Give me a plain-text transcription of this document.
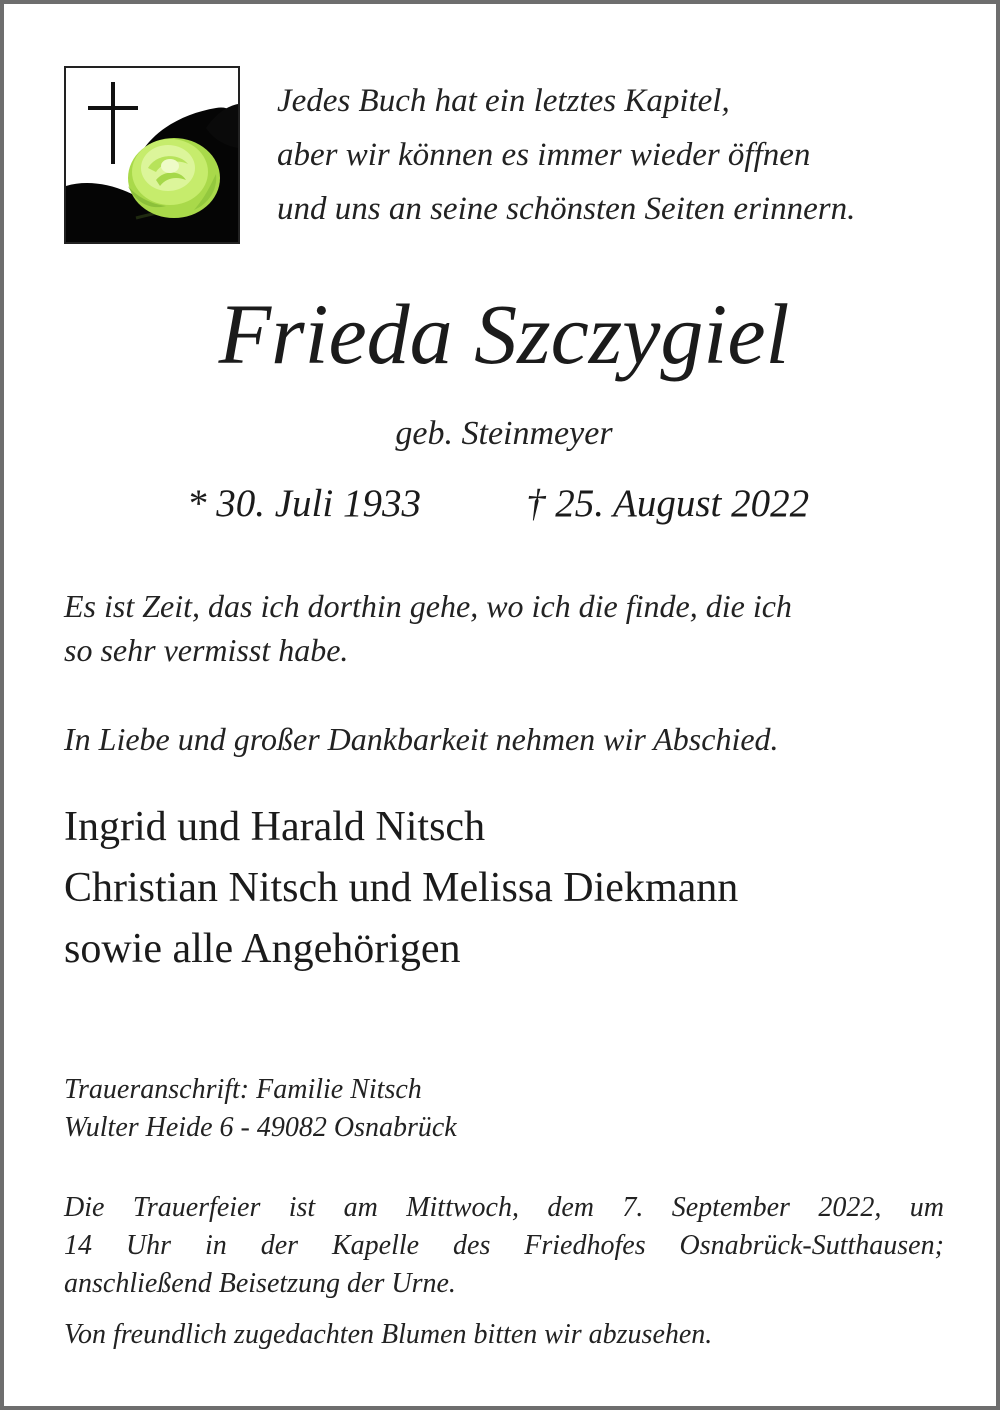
Jedes Buch hat ein letztes Kapitel,
aber wir können es immer wieder öffnen
und uns an seine schönsten Seiten erinnern.
Frieda Szczygiel
geb. Steinmeyer
* 30. Juli 1933	† 25. August 2022
Es ist Zeit, das ich dorthin gehe, wo ich die finde, die ich
so sehr vermisst habe.
In Liebe und großer Dankbarkeit nehmen wir Abschied.
Ingrid und Harald Nitsch
Christian Nitsch und Melissa Diekmann
sowie alle Angehörigen
Traueranschrift: Familie Nitsch
Wulter Heide 6 - 49082 Osnabrück
Die Trauerfeier ist am Mittwoch, dem 7. September 2022, um
14 Uhr in der Kapelle des Friedhofes Osnabrück-Sutthausen;
anschließend Beisetzung der Urne.
Von freundlich zugedachten Blumen bitten wir abzusehen.
